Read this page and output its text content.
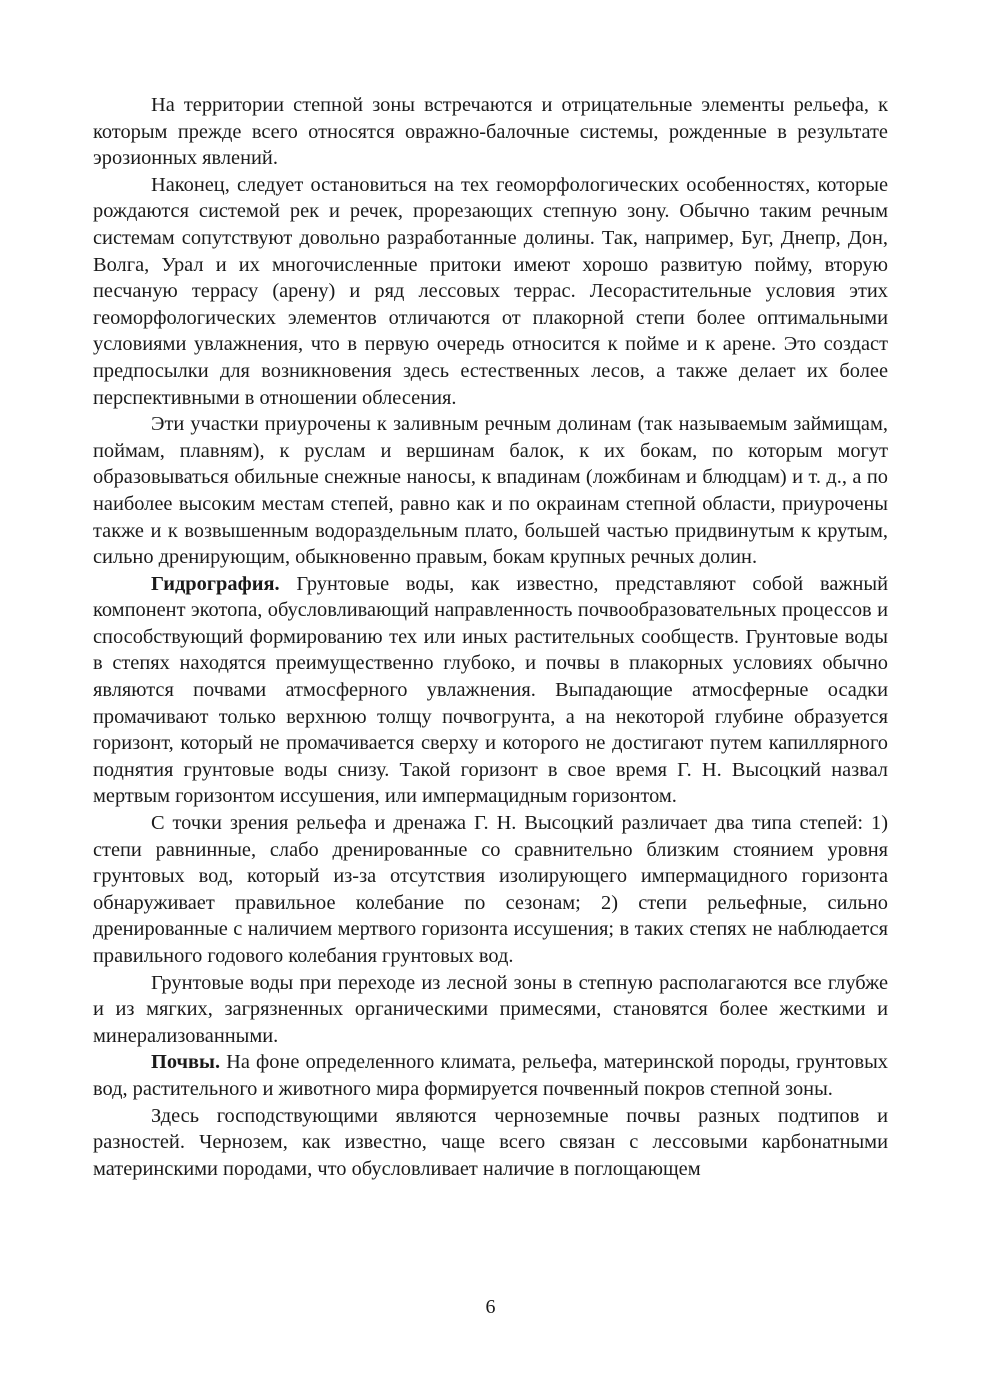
На территории степной зоны встречаются и отрицательные элементы рельефа, к которым прежде всего относятся овражно-балочные системы, рожденные в результате эрозионных явлений.

Наконец, следует остановиться на тех геоморфологических особенностях, которые рождаются системой рек и речек, прорезающих степную зону. Обычно таким речным системам сопутствуют довольно разработанные долины. Так, например, Буг, Днепр, Дон, Волга, Урал и их многочисленные притоки имеют хорошо развитую пойму, вторую песчаную террасу (арену) и ряд лессовых террас. Лесорастительные условия этих геоморфологических элементов отличаются от плакорной степи более оптимальными условиями увлажнения, что в первую очередь относится к пойме и к арене. Это создаст предпосылки для возникновения здесь естественных лесов, а также делает их более перспективными в отношении облесения.

Эти участки приурочены к заливным речным долинам (так называемым займищам, поймам, плавням), к руслам и вершинам балок, к их бокам, по которым могут образовываться обильные снежные наносы, к впадинам (ложбинам и блюдцам) и т. д., а по наиболее высоким местам степей, равно как и по окраинам степной области, приурочены также и к возвышенным водораздельным плато, большей частью придвинутым к крутым, сильно дренирующим, обыкновенно правым, бокам крупных речных долин.

Гидрография. Грунтовые воды, как известно, представляют собой важный компонент экотопа, обусловливающий направленность почвообразовательных процессов и способствующий формированию тех или иных растительных сообществ. Грунтовые воды в степях находятся преимущественно глубоко, и почвы в плакорных условиях обычно являются почвами атмосферного увлажнения. Выпадающие атмосферные осадки промачивают только верхнюю толщу почвогрунта, а на некоторой глубине образуется горизонт, который не промачивается сверху и которого не достигают путем капиллярного поднятия грунтовые воды снизу. Такой горизонт в свое время Г. Н. Высоцкий назвал мертвым горизонтом иссушения, или импермацидным горизонтом.

С точки зрения рельефа и дренажа Г. Н. Высоцкий различает два типа степей: 1) степи равнинные, слабо дренированные со сравнительно близким стоянием уровня грунтовых вод, который из-за отсутствия изолирующего импермацидного горизонта обнаруживает правильное колебание по сезонам; 2) степи рельефные, сильно дренированные с наличием мертвого горизонта иссушения; в таких степях не наблюдается правильного годового колебания грунтовых вод.

Грунтовые воды при переходе из лесной зоны в степную располагаются все глубже и из мягких, загрязненных органическими примесями, становятся более жесткими и минерализованными.

Почвы. На фоне определенного климата, рельефа, материнской породы, грунтовых вод, растительного и животного мира формируется почвенный покров степной зоны.

Здесь господствующими являются черноземные почвы разных подтипов и разностей. Чернозем, как известно, чаще всего связан с лессовыми карбонатными материнскими породами, что обусловливает наличие в поглощающем

6
